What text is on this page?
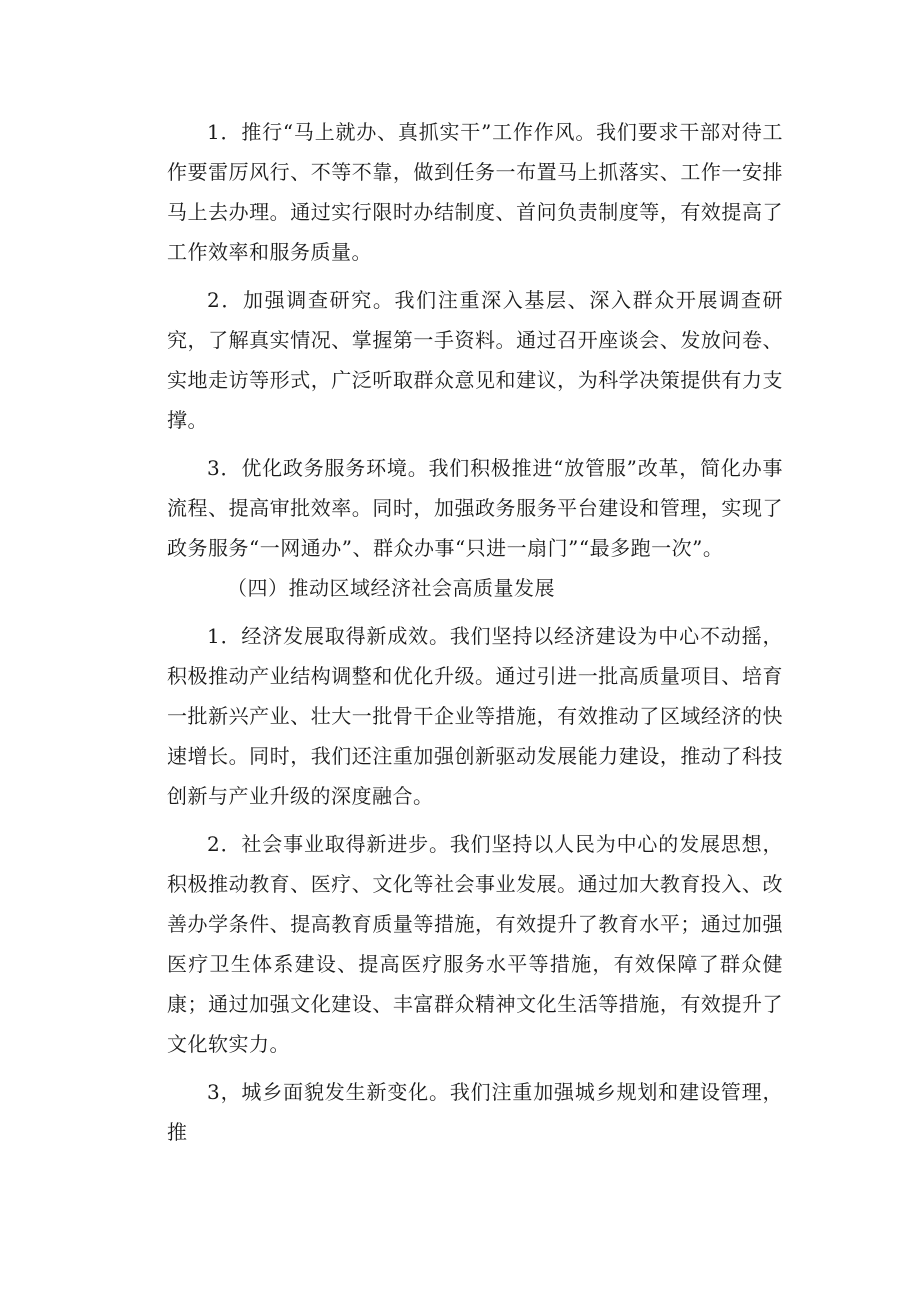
1．推行“马上就办、真抓实干”工作作风。我们要求干部对待工作要雷厉风行、不等不靠，做到任务一布置马上抓落实、工作一安排马上去办理。通过实行限时办结制度、首问负责制度等，有效提高了工作效率和服务质量。

2．加强调查研究。我们注重深入基层、深入群众开展调查研究，了解真实情况、掌握第一手资料。通过召开座谈会、发放问卷、实地走访等形式，广泛听取群众意见和建议，为科学决策提供有力支撑。

3．优化政务服务环境。我们积极推进“放管服”改革，简化办事流程、提高审批效率。同时，加强政务服务平台建设和管理，实现了政务服务“一网通办”、群众办事“只进一扇门”“最多跑一次”。

（四）推动区域经济社会高质量发展

1．经济发展取得新成效。我们坚持以经济建设为中心不动摇，积极推动产业结构调整和优化升级。通过引进一批高质量项目、培育一批新兴产业、壮大一批骨干企业等措施，有效推动了区域经济的快速增长。同时，我们还注重加强创新驱动发展能力建设，推动了科技创新与产业升级的深度融合。

2．社会事业取得新进步。我们坚持以人民为中心的发展思想，积极推动教育、医疗、文化等社会事业发展。通过加大教育投入、改善办学条件、提高教育质量等措施，有效提升了教育水平；通过加强医疗卫生体系建设、提高医疗服务水平等措施，有效保障了群众健康；通过加强文化建设、丰富群众精神文化生活等措施，有效提升了文化软实力。

3，城乡面貌发生新变化。我们注重加强城乡规划和建设管理，推
